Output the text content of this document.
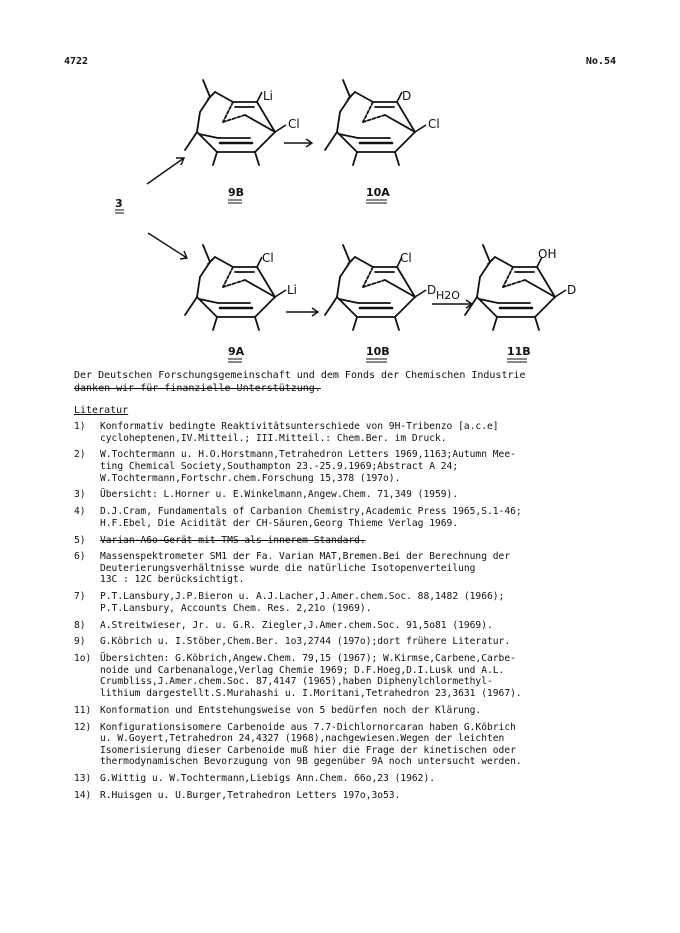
4722	No.54
Li
Cl
9B
D
Cl
10A
Cl
Li
9A
Cl
D
10B
OH
D
11B
3
H2O
Der Deutschen Forschungsgemeinschaft und dem Fonds der Chemischen Industrie
danken wir für finanzielle Unterstützung.
Literatur
1)	Konformativ bedingte Reaktivitätsunterschiede von 9H-Tribenzo [a.c.e]
cycloheptenen,IV.Mitteil.; III.Mitteil.: Chem.Ber. im Druck.
2)	W.Tochtermann u. H.O.Horstmann,Tetrahedron Letters 1969,1163;Autumn Mee-
ting Chemical Society,Southampton 23.-25.9.1969;Abstract A 24;
W.Tochtermann,Fortschr.chem.Forschung 15,378 (197o).
3)	Übersicht: L.Horner u. E.Winkelmann,Angew.Chem. 71,349 (1959).
4)	D.J.Cram, Fundamentals of Carbanion Chemistry,Academic Press 1965,S.1-46;
H.F.Ebel, Die Acidität der CH-Säuren,Georg Thieme Verlag 1969.
5)	Varian-A6o-Gerät mit TMS als innerem Standard.
6)	Massenspektrometer SM1 der Fa. Varian MAT,Bremen.Bei der Berechnung der
Deuterierungsverhältnisse wurde die natürliche Isotopenverteilung
13C : 12C berücksichtigt.
7)	P.T.Lansbury,J.P.Bieron u. A.J.Lacher,J.Amer.chem.Soc. 88,1482 (1966);
P.T.Lansbury, Accounts Chem. Res. 2,21o (1969).
8)	A.Streitwieser, Jr. u. G.R. Ziegler,J.Amer.chem.Soc. 91,5o81 (1969).
9)	G.Köbrich u. I.Stöber,Chem.Ber. 1o3,2744 (197o);dort frühere Literatur.
1o) Übersichten: G.Köbrich,Angew.Chem. 79,15 (1967); W.Kirmse,Carbene,Carbe-
noide und Carbenanaloge,Verlag Chemie 1969; D.F.Hoeg,D.I.Lusk und A.L.
Crumbliss,J.Amer.chem.Soc. 87,4147 (1965),haben Diphenylchlormethyl-
lithium dargestellt.S.Murahashi u. I.Moritani,Tetrahedron 23,3631 (1967).
11) Konformation und Entstehungsweise von 5 bedürfen noch der Klärung.
12) Konfigurationsisomere Carbenoide aus 7.7-Dichlornorcaran haben G.Köbrich
u. W.Goyert,Tetrahedron 24,4327 (1968),nachgewiesen.Wegen der leichten
Isomerisierung dieser Carbenoide muß hier die Frage der kinetischen oder
thermodynamischen Bevorzugung von 9B gegenüber 9A noch untersucht werden.
13) G.Wittig u. W.Tochtermann,Liebigs Ann.Chem. 66o,23 (1962).
14) R.Huisgen u. U.Burger,Tetrahedron Letters 197o,3o53.
